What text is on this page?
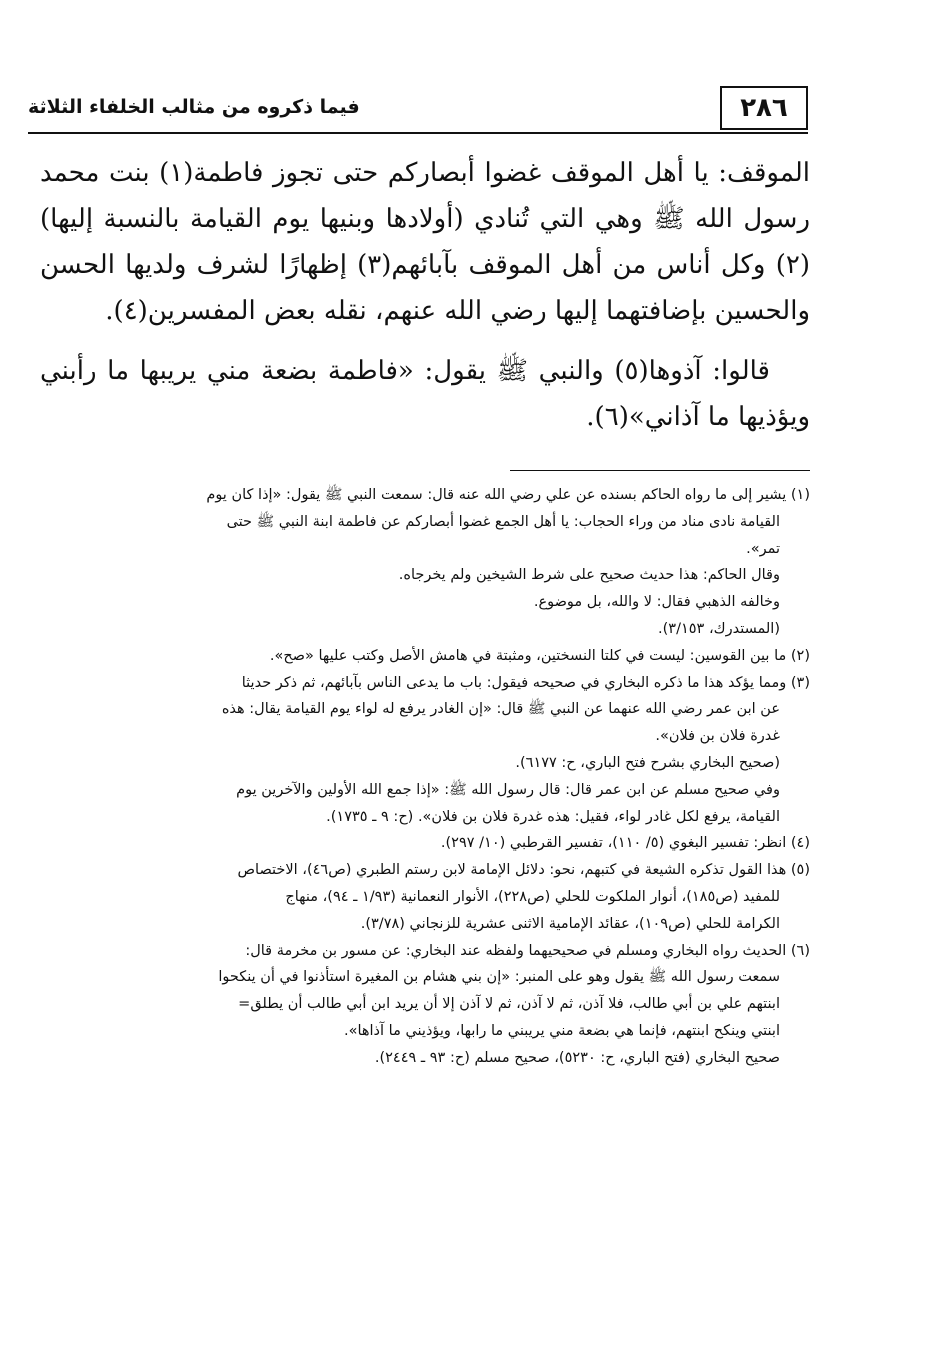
٢٨٦
فيما ذكروه من مثالب الخلفاء الثلاثة

الموقف: يا أهل الموقف غضوا أبصاركم حتى تجوز فاطمة(١) بنت محمد رسول الله ﷺ وهي التي تُنادي (أولادها وبنيها يوم القيامة بالنسبة إليها)(٢) وكل أناس من أهل الموقف بآبائهم(٣) إظهارًا لشرف ولديها الحسن والحسين بإضافتهما إليها رضي الله عنهم، نقله بعض المفسرين(٤).

قالوا: آذوها(٥) والنبي ﷺ يقول: «فاطمة بضعة مني يريبها ما رأبني ويؤذيها ما آذاني»(٦).

(١) يشير إلى ما رواه الحاكم بسنده عن علي رضي الله عنه قال: سمعت النبي ﷺ يقول: «إذا كان يوم
القيامة نادى مناد من وراء الحجاب: يا أهل الجمع غضوا أبصاركم عن فاطمة ابنة النبي ﷺ حتى
تمر».
وقال الحاكم: هذا حديث صحيح على شرط الشيخين ولم يخرجاه.
وخالفه الذهبي فقال: لا والله، بل موضوع.
(المستدرك، ٣/١٥٣).
(٢) ما بين القوسين: ليست في كلتا النسختين، ومثبتة في هامش الأصل وكتب عليها «صح».
(٣) ومما يؤكد هذا ما ذكره البخاري في صحيحه فيقول: باب ما يدعى الناس بآبائهم، ثم ذكر حديثا
عن ابن عمر رضي الله عنهما عن النبي ﷺ قال: «إن الغادر يرفع له لواء يوم القيامة يقال: هذه
غدرة فلان بن فلان».
(صحيح البخاري بشرح فتح الباري، ح: ٦١٧٧).
وفي صحيح مسلم عن ابن عمر قال: قال رسول الله ﷺ: «إذا جمع الله الأولين والآخرين يوم
القيامة، يرفع لكل غادر لواء، فقيل: هذه غدرة فلان بن فلان». (ح: ٩ ـ ١٧٣٥).
(٤) انظر: تفسير البغوي (٥/ ١١٠)، تفسير القرطبي (١٠/ ٢٩٧).
(٥) هذا القول تذكره الشيعة في كتبهم، نحو: دلائل الإمامة لابن رستم الطبري (ص٤٦)، الاختصاص
للمفيد (ص١٨٥)، أنوار الملكوت للحلي (ص٢٢٨)، الأنوار النعمانية (١/٩٣ ـ ٩٤)، منهاج
الكرامة للحلي (ص١٠٩)، عقائد الإمامية الاثنى عشرية للزنجاني (٣/٧٨).
(٦) الحديث رواه البخاري ومسلم في صحيحيهما ولفظه عند البخاري: عن مسور بن مخرمة قال:
سمعت رسول الله ﷺ يقول وهو على المنبر: «إن بني هشام بن المغيرة استأذنوا في أن ينكحوا
ابنتهم علي بن أبي طالب، فلا آذن، ثم لا آذن، ثم لا آذن إلا أن يريد ابن أبي طالب أن يطلق=
ابنتي وينكح ابنتهم، فإنما هي بضعة مني يريبني ما رابها، ويؤذيني ما آذاها».
صحيح البخاري (فتح الباري، ح: ٥٢٣٠)، صحيح مسلم (ح: ٩٣ ـ ٢٤٤٩).
